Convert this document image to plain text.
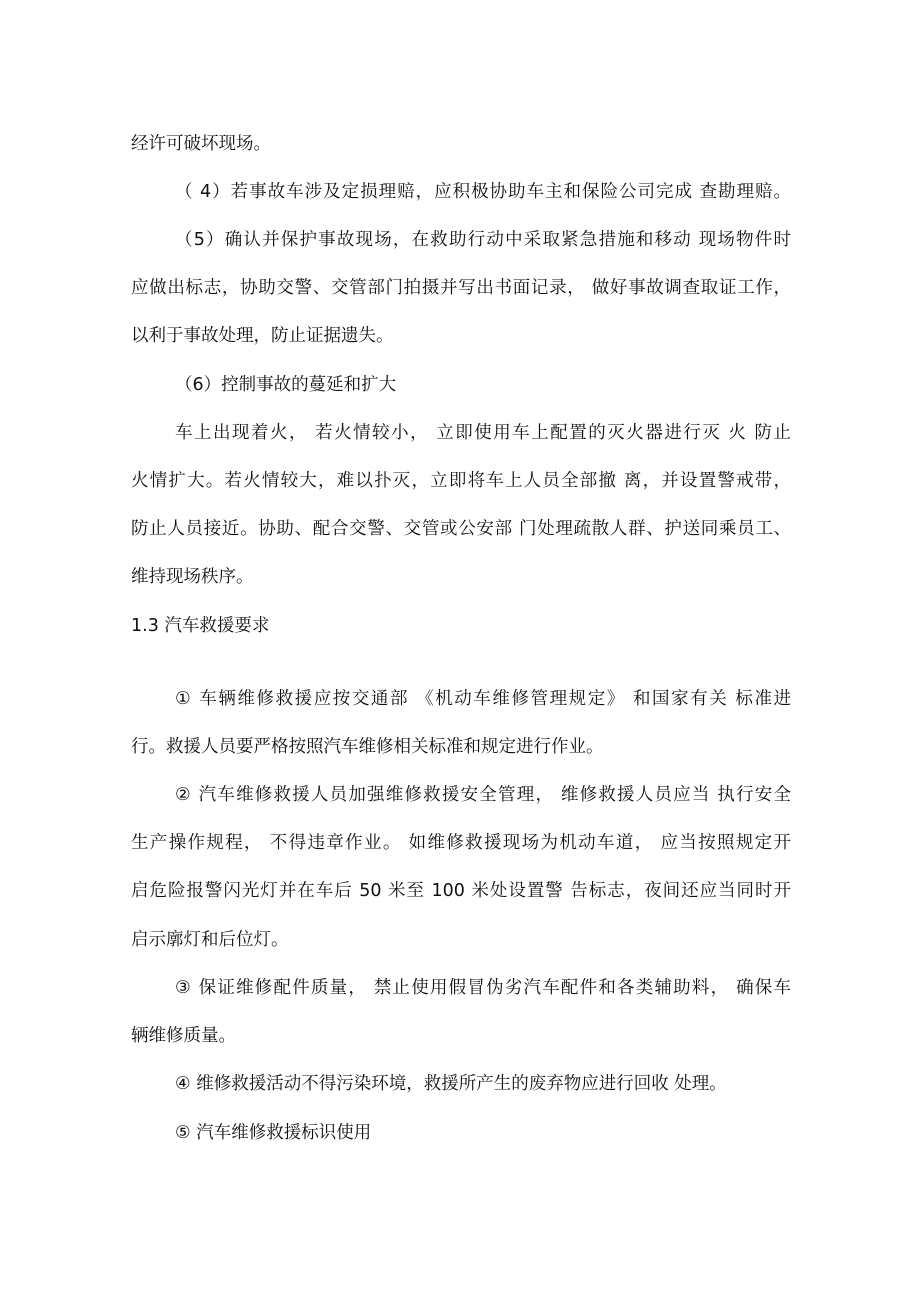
经许可破坏现场。
（ 4）若事故车涉及定损理赔，应积极协助车主和保险公司完成 查勘理赔。
（5）确认并保护事故现场，在救助行动中采取紧急措施和移动 现场物件时
应做出标志，协助交警、交管部门拍摄并写出书面记录， 做好事故调查取证工作，
以利于事故处理，防止证据遗失。
（6）控制事故的蔓延和扩大
车上出现着火， 若火情较小， 立即使用车上配置的灭火器进行灭 火 防止
火情扩大。若火情较大，难以扑灭，立即将车上人员全部撤 离，并设置警戒带，
防止人员接近。协助、配合交警、交管或公安部 门处理疏散人群、护送同乘员工、
维持现场秩序。
1.3 汽车救援要求
① 车辆维修救援应按交通部 《机动车维修管理规定》 和国家有关 标准进
行。救援人员要严格按照汽车维修相关标准和规定进行作业。
② 汽车维修救援人员加强维修救援安全管理， 维修救援人员应当 执行安全
生产操作规程， 不得违章作业。 如维修救援现场为机动车道， 应当按照规定开
启危险报警闪光灯并在车后 50 米至 100 米处设置警 告标志，夜间还应当同时开
启示廓灯和后位灯。
③ 保证维修配件质量， 禁止使用假冒伪劣汽车配件和各类辅助料， 确保车
辆维修质量。
④ 维修救援活动不得污染环境，救援所产生的废弃物应进行回收 处理。
⑤ 汽车维修救援标识使用
